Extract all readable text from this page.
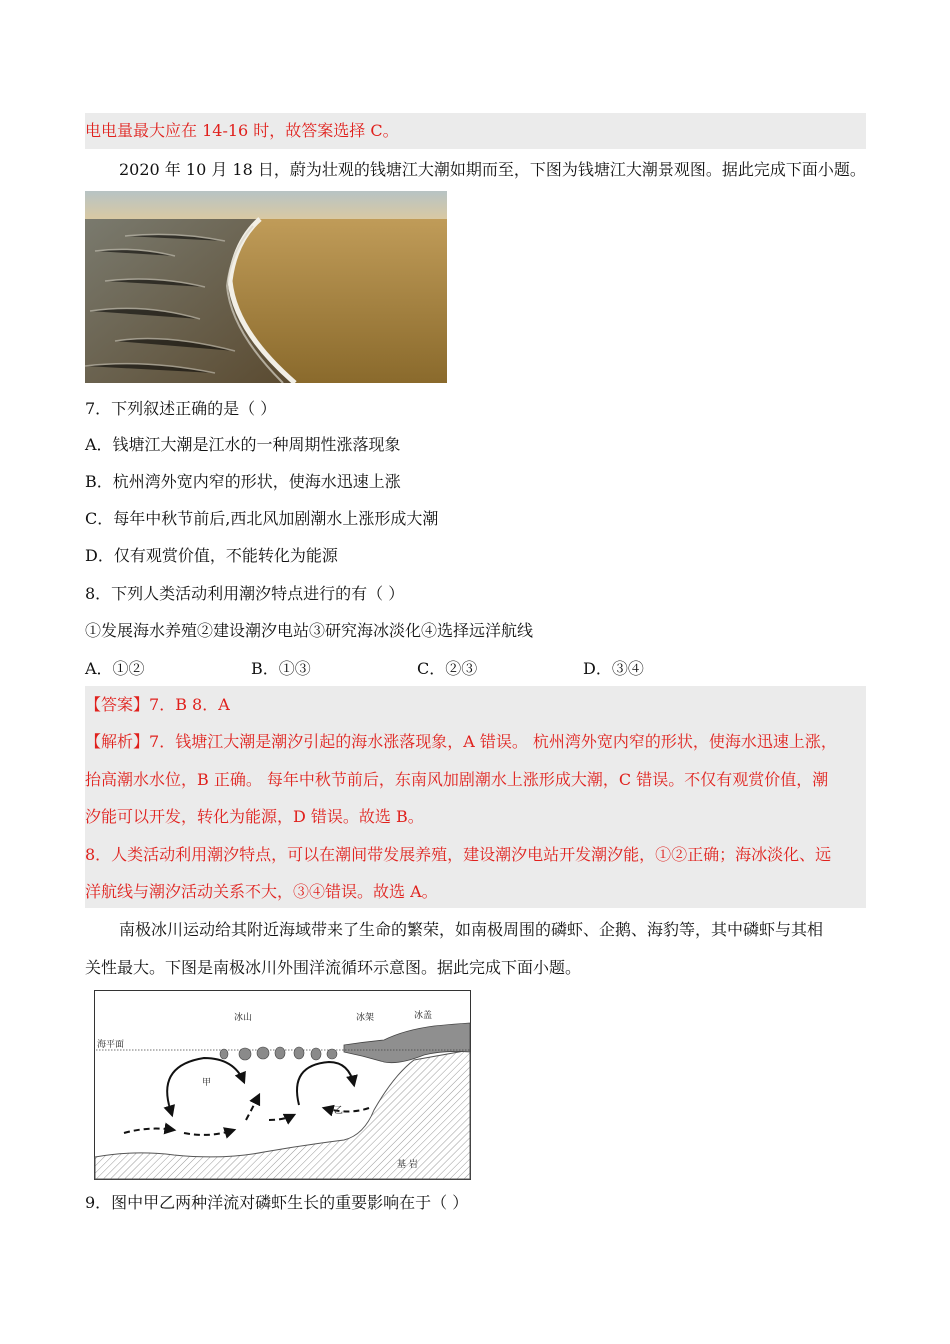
电电量最大应在 14-16 时，故答案选择 C。
2020 年 10 月 18 日，蔚为壮观的钱塘江大潮如期而至，下图为钱塘江大潮景观图。据此完成下面小题。
7．下列叙述正确的是（ ）
A．钱塘江大潮是江水的一种周期性涨落现象
B．杭州湾外宽内窄的形状，使海水迅速上涨
C．每年中秋节前后,西北风加剧潮水上涨形成大潮
D．仅有观赏价值，不能转化为能源
8．下列人类活动利用潮汐特点进行的有（ ）
①发展海水养殖②建设潮汐电站③研究海冰淡化④选择远洋航线
A．①②	B．①③	C．②③	D．③④
【答案】7．B 8．A
【解析】7．钱塘江大潮是潮汐引起的海水涨落现象，A 错误。 杭州湾外宽内窄的形状，使海水迅速上涨，
抬高潮水水位，B 正确。 每年中秋节前后，东南风加剧潮水上涨形成大潮，C 错误。不仅有观赏价值，潮
汐能可以开发，转化为能源，D 错误。故选 B。
8．人类活动利用潮汐特点，可以在潮间带发展养殖，建设潮汐电站开发潮汐能，①②正确；海冰淡化、远
洋航线与潮汐活动关系不大，③④错误。故选 A。
南极冰川运动给其附近海域带来了生命的繁荣，如南极周围的磷虾、企鹅、海豹等，其中磷虾与其相
关性最大。下图是南极冰川外围洋流循环示意图。据此完成下面小题。
海平面
冰山	冰架	冰盖
甲
乙
基 岩
9．图中甲乙两种洋流对磷虾生长的重要影响在于（ ）
